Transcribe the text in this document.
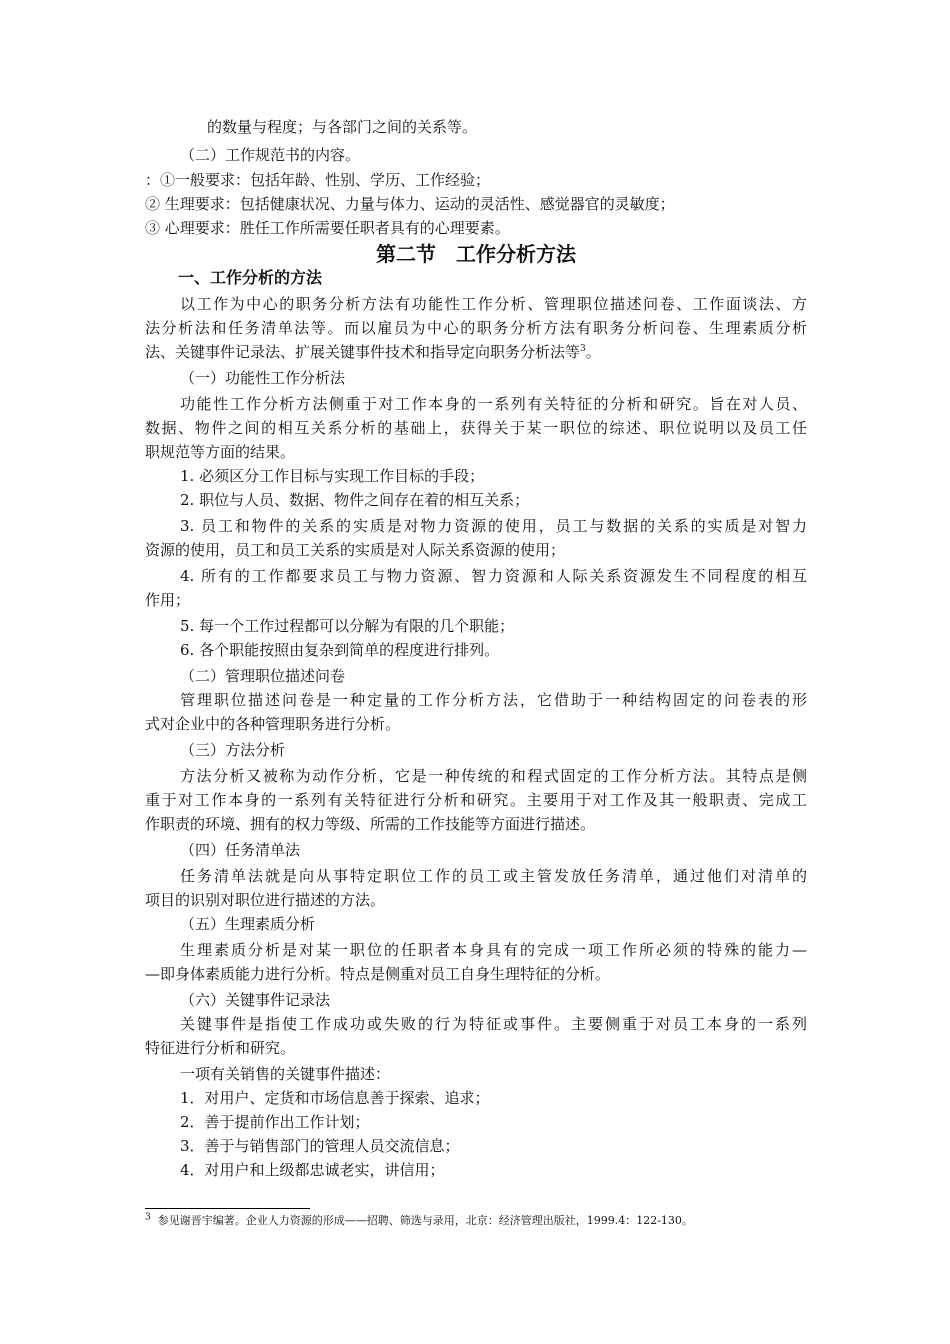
的数量与程度；与各部门之间的关系等。
（二）工作规范书的内容。
：①一般要求：包括年龄、性别、学历、工作经验；
② 生理要求：包括健康状况、力量与体力、运动的灵活性、感觉器官的灵敏度；
③ 心理要求：胜任工作所需要任职者具有的心理要素。
第二节　工作分析方法
一、工作分析的方法
以工作为中心的职务分析方法有功能性工作分析、管理职位描述问卷、工作面谈法、方
法分析法和任务清单法等。而以雇员为中心的职务分析方法有职务分析问卷、生理素质分析
法、关键事件记录法、扩展关键事件技术和指导定向职务分析法等$^3$。
（一）功能性工作分析法
功能性工作分析方法侧重于对工作本身的一系列有关特征的分析和研究。旨在对人员、
数据、物件之间的相互关系分析的基础上，获得关于某一职位的综述、职位说明以及员工任
职规范等方面的结果。
1. 必须区分工作目标与实现工作目标的手段；
2. 职位与人员、数据、物件之间存在着的相互关系；
3. 员工和物件的关系的实质是对物力资源的使用，员工与数据的关系的实质是对智力
资源的使用，员工和员工关系的实质是对人际关系资源的使用；
4. 所有的工作都要求员工与物力资源、智力资源和人际关系资源发生不同程度的相互
作用；
5. 每一个工作过程都可以分解为有限的几个职能；
6. 各个职能按照由复杂到简单的程度进行排列。
（二）管理职位描述问卷
管理职位描述问卷是一种定量的工作分析方法，它借助于一种结构固定的问卷表的形
式对企业中的各种管理职务进行分析。
（三）方法分析
方法分析又被称为动作分析，它是一种传统的和程式固定的工作分析方法。其特点是侧
重于对工作本身的一系列有关特征进行分析和研究。主要用于对工作及其一般职责、完成工
作职责的环境、拥有的权力等级、所需的工作技能等方面进行描述。
（四）任务清单法
任务清单法就是向从事特定职位工作的员工或主管发放任务清单，通过他们对清单的
项目的识别对职位进行描述的方法。
（五）生理素质分析
生理素质分析是对某一职位的任职者本身具有的完成一项工作所必须的特殊的能力—
—即身体素质能力进行分析。特点是侧重对员工自身生理特征的分析。
（六）关键事件记录法
关键事件是指使工作成功或失败的行为特征或事件。主要侧重于对员工本身的一系列
特征进行分析和研究。
一项有关销售的关键事件描述：
1．对用户、定货和市场信息善于探索、追求；
2．善于提前作出工作计划；
3．善于与销售部门的管理人员交流信息；
4．对用户和上级都忠诚老实，讲信用；
$^3$ 参见谢晋宇编著。企业人力资源的形成——招聘、筛选与录用，北京：经济管理出版社，1999.4：122-130。
